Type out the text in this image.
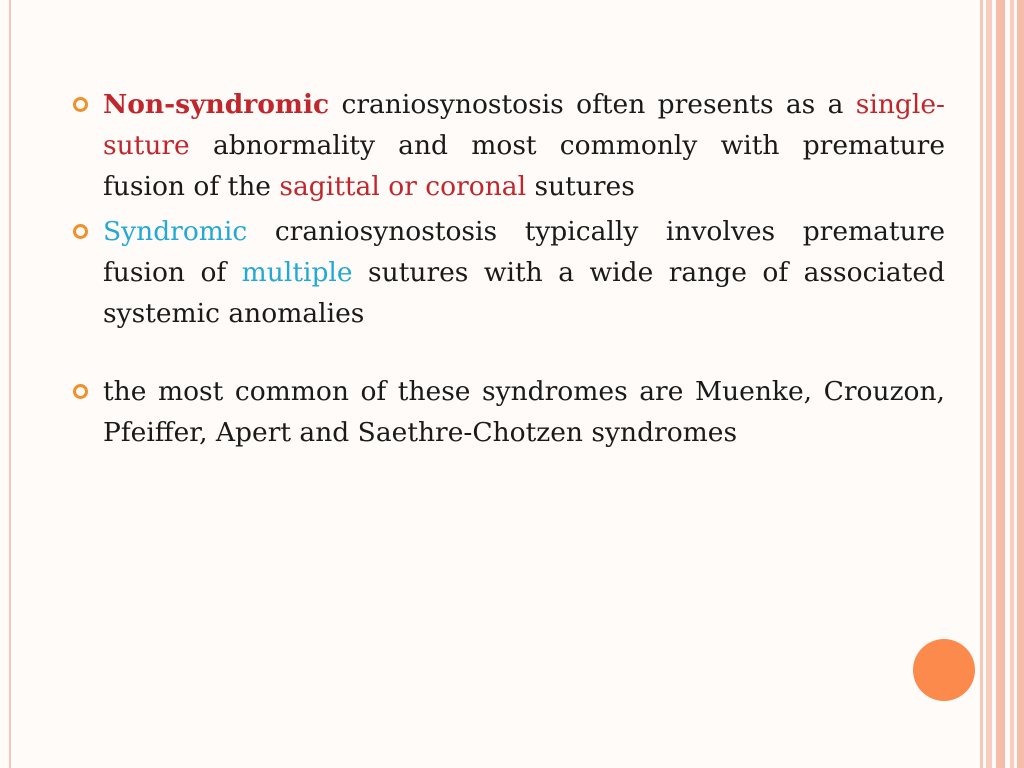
Non-syndromic craniosynostosis often presents as a single-suture abnormality and most commonly with premature fusion of the sagittal or coronal sutures
Syndromic craniosynostosis typically involves premature fusion of multiple sutures with a wide range of associated systemic anomalies
the most common of these syndromes are Muenke, Crouzon, Pfeiffer, Apert and Saethre-Chotzen syndromes
